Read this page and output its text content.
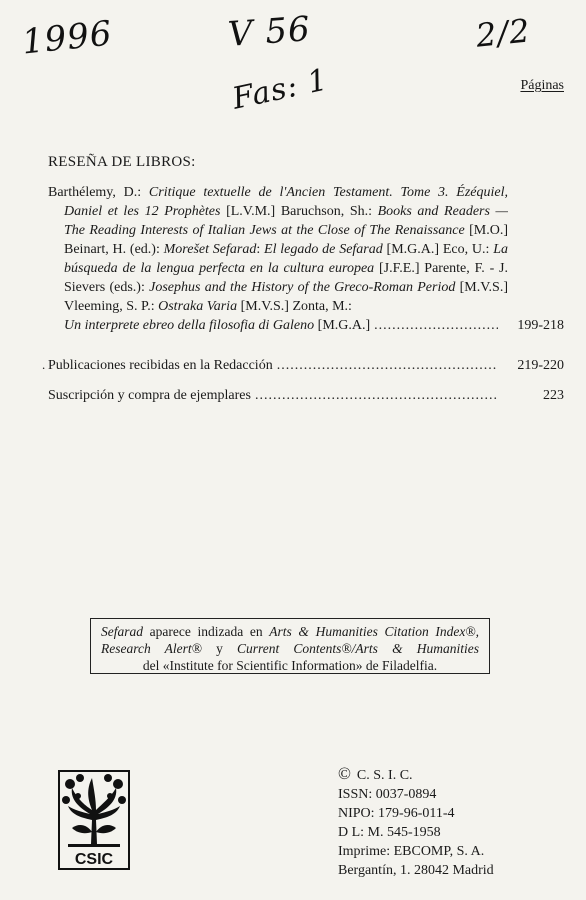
1996	V 56
Fas: 1
2/2
Páginas
RESEÑA DE LIBROS:
Barthélemy, D.: Critique textuelle de l'Ancien Testament. Tome 3. Ézéquiel, Daniel et les 12 Prophètes [L.V.M.] Baruchson, Sh.: Books and Readers — The Reading Interests of Italian Jews at the Close of The Renaissance [M.O.] Beinart, H. (ed.): Morešet Sefarad: El legado de Sefarad [M.G.A.] Eco, U.: La búsqueda de la lengua perfecta en la cultura europea [J.F.E.] Parente, F. - J. Sievers (eds.): Josephus and the History of the Greco-Roman Period [M.V.S.] Vleeming, S. P.: Ostraka Varia [M.V.S.] Zonta, M.:
Un interprete ebreo della filosofia di Galeno [M.G.A.] .....	199-218
. Publicaciones recibidas en la Redacción .....	219-220
Suscripción y compra de ejemplares .....	223
Sefarad aparece indizada en Arts & Humanities Citation Index®,
Research Alert® y Current Contents®/Arts & Humanities
del «Institute for Scientific Information» de Filadelfia.
CSIC
© C. S. I. C.
ISSN: 0037-0894
NIPO: 179-96-011-4
D L: M. 545-1958
Imprime: EBCOMP, S. A.
Bergantín, 1. 28042 Madrid
